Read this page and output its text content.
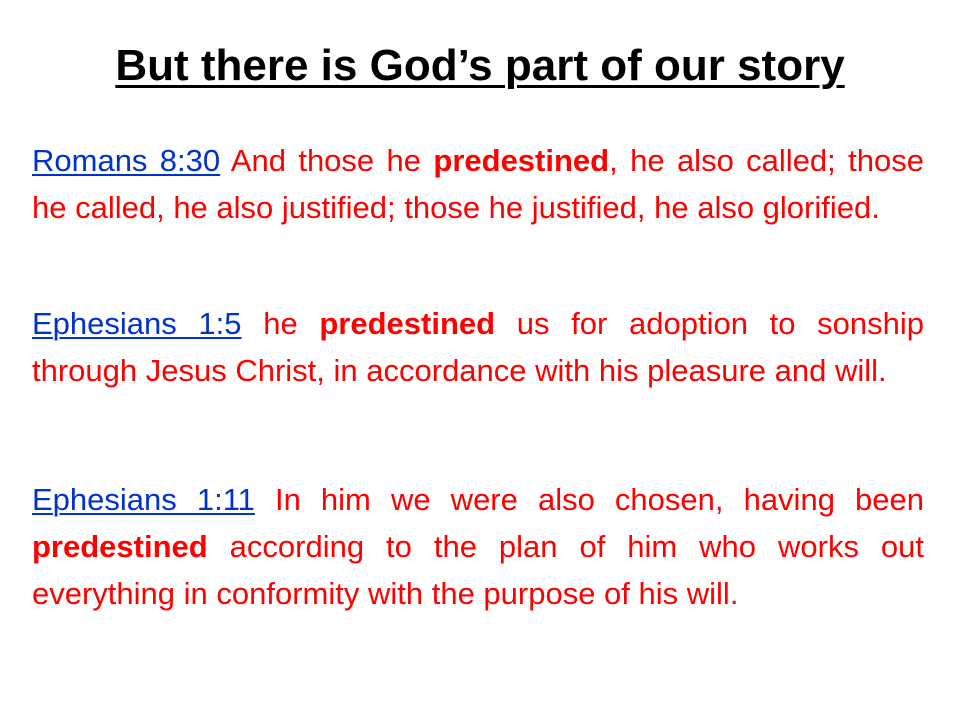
But there is God’s part of our story

Romans 8:30 And those he predestined, he also called; those he called, he also justified; those he justified, he also glorified.

Ephesians 1:5 he predestined us for adoption to sonship through Jesus Christ, in accordance with his pleasure and will.

Ephesians 1:11 In him we were also chosen, having been predestined according to the plan of him who works out everything in conformity with the purpose of his will.
